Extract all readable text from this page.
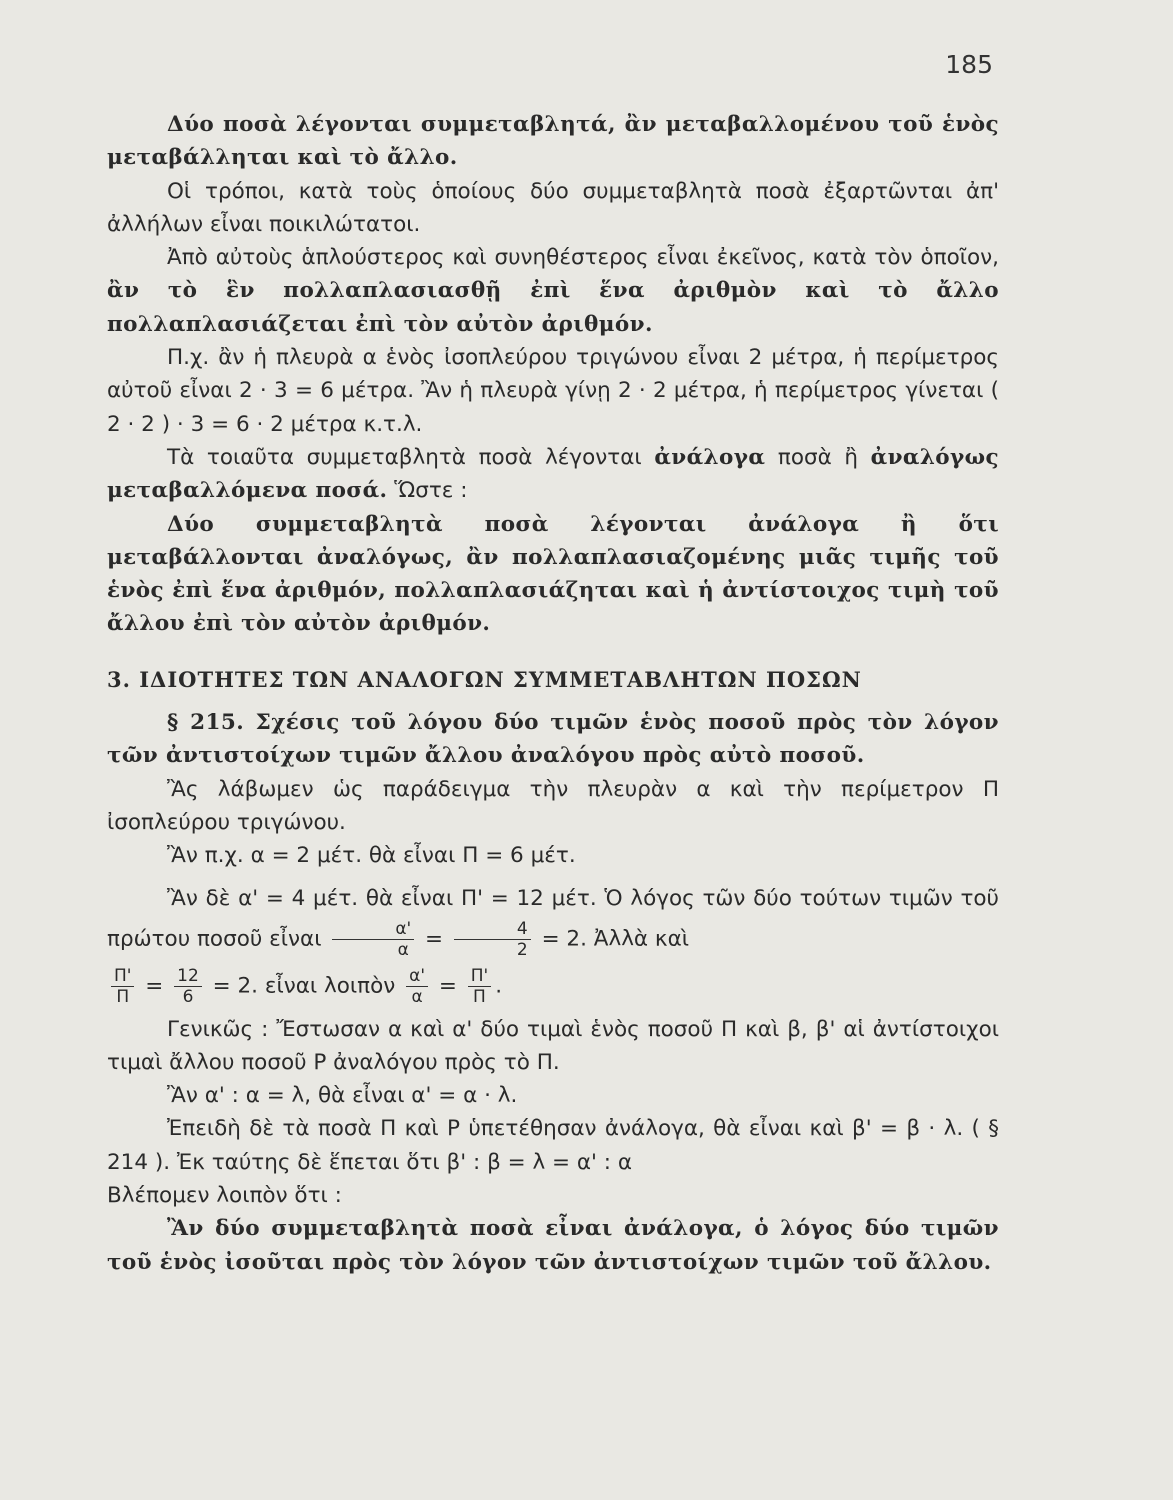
185

Δύο ποσὰ λέγονται συμμεταβλητά, ἂν μεταβαλλομένου τοῦ ἑνὸς μεταβάλληται καὶ τὸ ἄλλο.

Οἱ τρόποι, κατὰ τοὺς ὁποίους δύο συμμεταβλητὰ ποσὰ ἐξαρτῶνται ἀπ' ἀλλήλων εἶναι ποικιλώτατοι.

Ἀπὸ αὐτοὺς ἁπλούστερος καὶ συνηθέστερος εἶναι ἐκεῖνος, κατὰ τὸν ὁποῖον, ἂν τὸ ἓν πολλαπλασιασθῇ ἐπὶ ἕνα ἀριθμὸν καὶ τὸ ἄλλο πολλαπλασιάζεται ἐπὶ τὸν αὐτὸν ἀριθμόν.

Π.χ. ἂν ἡ πλευρὰ α ἑνὸς ἰσοπλεύρου τριγώνου εἶναι 2 μέτρα, ἡ περίμετρος αὐτοῦ εἶναι 2 · 3 = 6 μέτρα. Ἂν ἡ πλευρὰ γίνῃ 2 · 2 μέτρα, ἡ περίμετρος γίνεται ( 2 · 2 ) · 3 = 6 · 2 μέτρα κ.τ.λ.

Τὰ τοιαῦτα συμμεταβλητὰ ποσὰ λέγονται ἀνάλογα ποσὰ ἢ ἀναλόγως μεταβαλλόμενα ποσά. Ὥστε :

Δύο συμμεταβλητὰ ποσὰ λέγονται ἀνάλογα ἢ ὅτι μεταβάλλονται ἀναλόγως, ἂν πολλαπλασιαζομένης μιᾶς τιμῆς τοῦ ἑνὸς ἐπὶ ἕνα ἀριθμόν, πολλαπλασιάζηται καὶ ἡ ἀντίστοιχος τιμὴ τοῦ ἄλλου ἐπὶ τὸν αὐτὸν ἀριθμόν.

3. ΙΔΙΟΤΗΤΕΣ ΤΩΝ ΑΝΑΛΟΓΩΝ ΣΥΜΜΕΤΑΒΛΗΤΩΝ ΠΟΣΩΝ

§ 215. Σχέσις τοῦ λόγου δύο τιμῶν ἑνὸς ποσοῦ πρὸς τὸν λόγον τῶν ἀντιστοίχων τιμῶν ἄλλου ἀναλόγου πρὸς αὐτὸ ποσοῦ.

Ἂς λάβωμεν ὡς παράδειγμα τὴν πλευρὰν α καὶ τὴν περίμετρον Π ἰσοπλεύρου τριγώνου.

Ἂν π.χ. α = 2 μέτ. θὰ εἶναι Π = 6 μέτ.

Ἂν δὲ α' = 4 μέτ. θὰ εἶναι Π' = 12 μέτ. Ὁ λόγος τῶν δύο τούτων τιμῶν τοῦ πρώτου ποσοῦ εἶναι $\frac{\alpha'}{\alpha} = \frac{4}{2} = 2$. Ἀλλὰ καὶ

$\frac{\Pi'}{\Pi} = \frac{12}{6} = 2$. εἶναι λοιπὸν $\frac{\alpha'}{\alpha} = \frac{\Pi'}{\Pi}$ .

Γενικῶς : Ἔστωσαν α καὶ α' δύο τιμαὶ ἑνὸς ποσοῦ Π καὶ β, β' αἱ ἀντίστοιχοι τιμαὶ ἄλλου ποσοῦ Ρ ἀναλόγου πρὸς τὸ Π.

Ἂν α' : α = λ, θὰ εἶναι α' = α · λ.

Ἐπειδὴ δὲ τὰ ποσὰ Π καὶ Ρ ὑπετέθησαν ἀνάλογα, θὰ εἶναι καὶ β' = β · λ. ( § 214 ). Ἐκ ταύτης δὲ ἕπεται ὅτι β' : β = λ = α' : α

Βλέπομεν λοιπὸν ὅτι :

Ἂν δύο συμμεταβλητὰ ποσὰ εἶναι ἀνάλογα, ὁ λόγος δύο τιμῶν τοῦ ἑνὸς ἰσοῦται πρὸς τὸν λόγον τῶν ἀντιστοίχων τιμῶν τοῦ ἄλλου.
